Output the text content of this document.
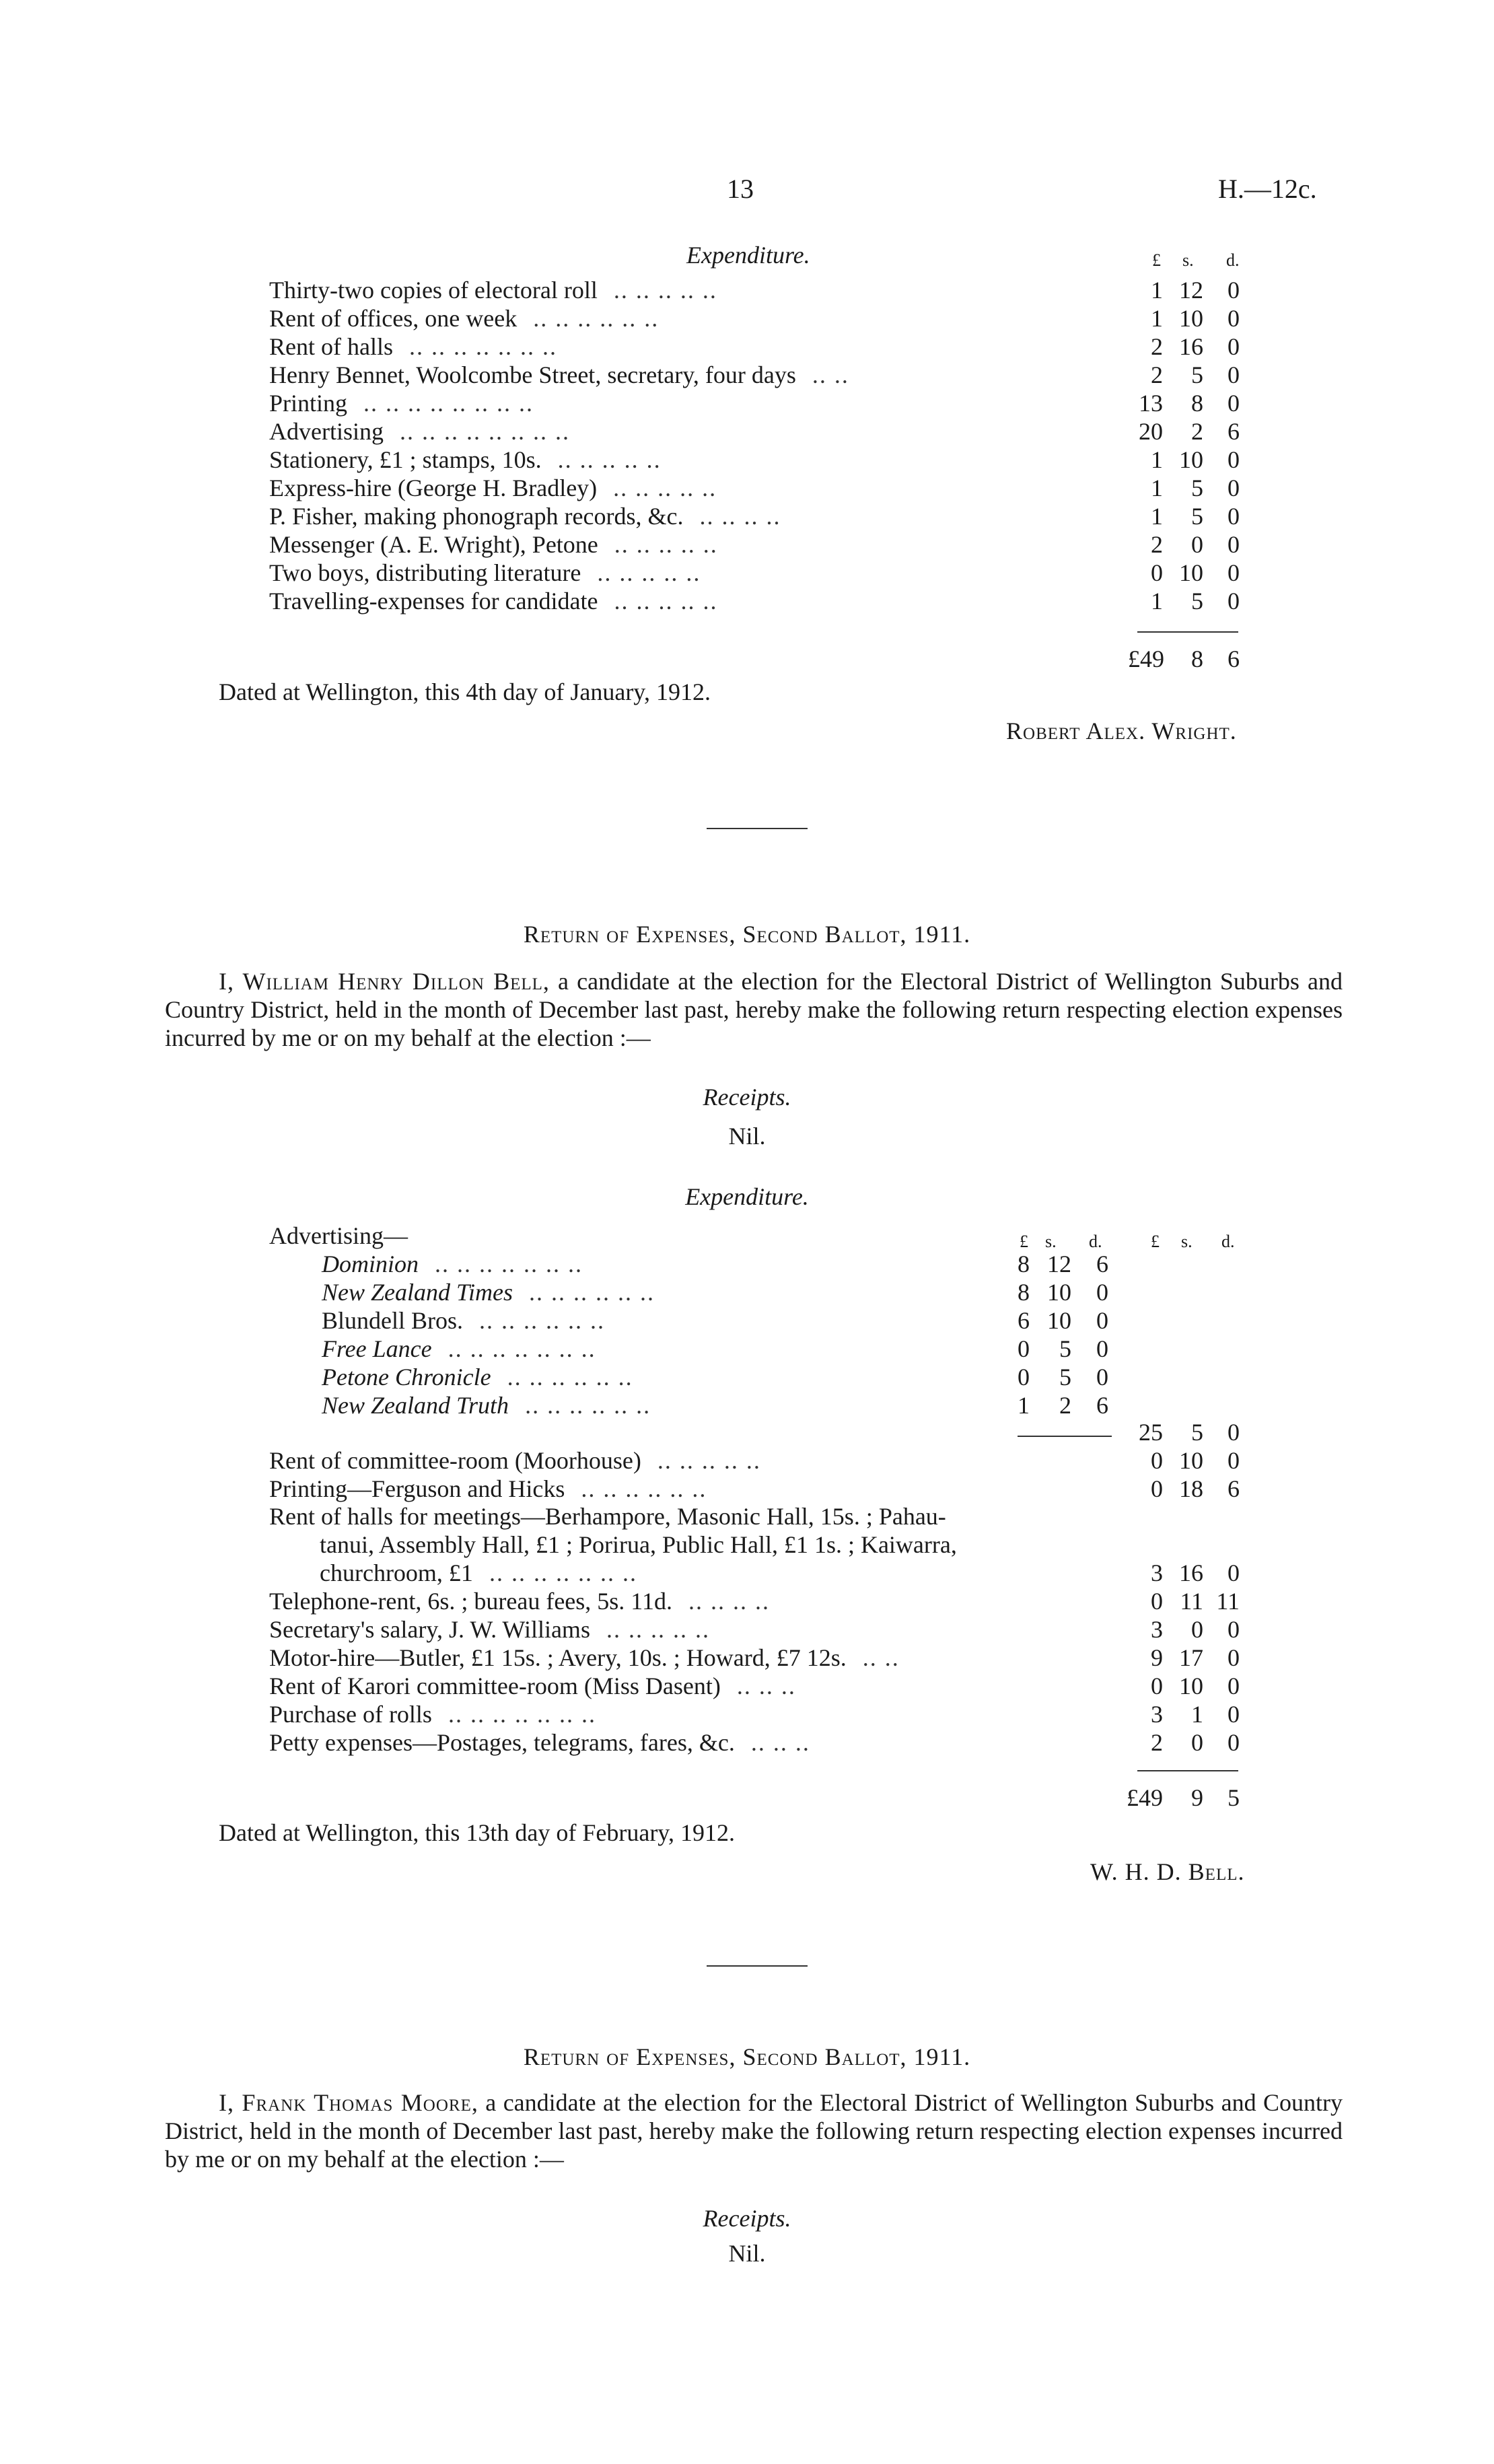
13	H.—12c.
Expenditure.	£ s. d.
Thirty-two copies of electoral roll .. .. .. .. ..	1 12	0
Rent of offices, one week .. .. .. .. .. ..	1 10	0
Rent of halls .. .. .. .. .. .. ..	2 16	0
Henry Bennet, Woolcombe Street, secretary, four days .. ..	2	5	0
Printing .. .. .. .. .. .. .. ..	13	8	0
Advertising .. .. .. .. .. .. .. ..	20	2	6
Stationery, £1 ; stamps, 10s. .. .. .. .. ..	1 10	0
Express-hire (George H. Bradley) .. .. .. .. ..	1	5	0
P. Fisher, making phonograph records, &c. .. .. .. ..	1	5	0
Messenger (A. E. Wright), Petone .. .. .. .. ..	2	0	0
Two boys, distributing literature .. .. .. .. ..	0 10	0
Travelling-expenses for candidate .. .. .. .. ..	1	5	0
£49	8	6
Dated at Wellington, this 4th day of January, 1912.
Robert Alex. Wright.
Return of Expenses, Second Ballot, 1911.
I, William Henry Dillon Bell, a candidate at the election for the Electoral District of Wellington Suburbs and Country District, held in the month of December last past, hereby make the following return respecting election expenses incurred by me or on my behalf at the election :—
Receipts.
Nil.
Expenditure.
Advertising—	£ s. d.	£ s. d.
Dominion .. .. .. .. .. .. ..	8 12	6
New Zealand Times .. .. .. .. .. ..	8 10	0
Blundell Bros. .. .. .. .. .. ..	6 10	0
Free Lance .. .. .. .. .. .. ..	0	5	0
Petone Chronicle .. .. .. .. .. ..	0	5	0
New Zealand Truth .. .. .. .. .. ..	1	2	6
25	5	0
Rent of committee-room (Moorhouse) .. .. .. .. ..	0 10	0
Printing—Ferguson and Hicks .. .. .. .. .. ..	0 18	6
Rent of halls for meetings—Berhampore, Masonic Hall, 15s. ; Pahau-
tanui, Assembly Hall, £1 ; Porirua, Public Hall, £1 1s. ; Kaiwarra,
churchroom, £1 .. .. .. .. .. .. ..	3 16	0
Telephone-rent, 6s. ; bureau fees, 5s. 11d. .. .. .. ..	0 11 11
Secretary's salary, J. W. Williams .. .. .. .. ..	3	0	0
Motor-hire—Butler, £1 15s. ; Avery, 10s. ; Howard, £7 12s. .. ..	9 17	0
Rent of Karori committee-room (Miss Dasent) .. .. ..	0 10	0
Purchase of rolls .. .. .. .. .. .. ..	3	1	0
Petty expenses—Postages, telegrams, fares, &c. .. .. ..	2	0	0
£49	9	5
Dated at Wellington, this 13th day of February, 1912.
W. H. D. Bell.
Return of Expenses, Second Ballot, 1911.
I, Frank Thomas Moore, a candidate at the election for the Electoral District of Wellington Suburbs and Country District, held in the month of December last past, hereby make the following return respecting election expenses incurred by me or on my behalf at the election :—
Receipts.
Nil.
